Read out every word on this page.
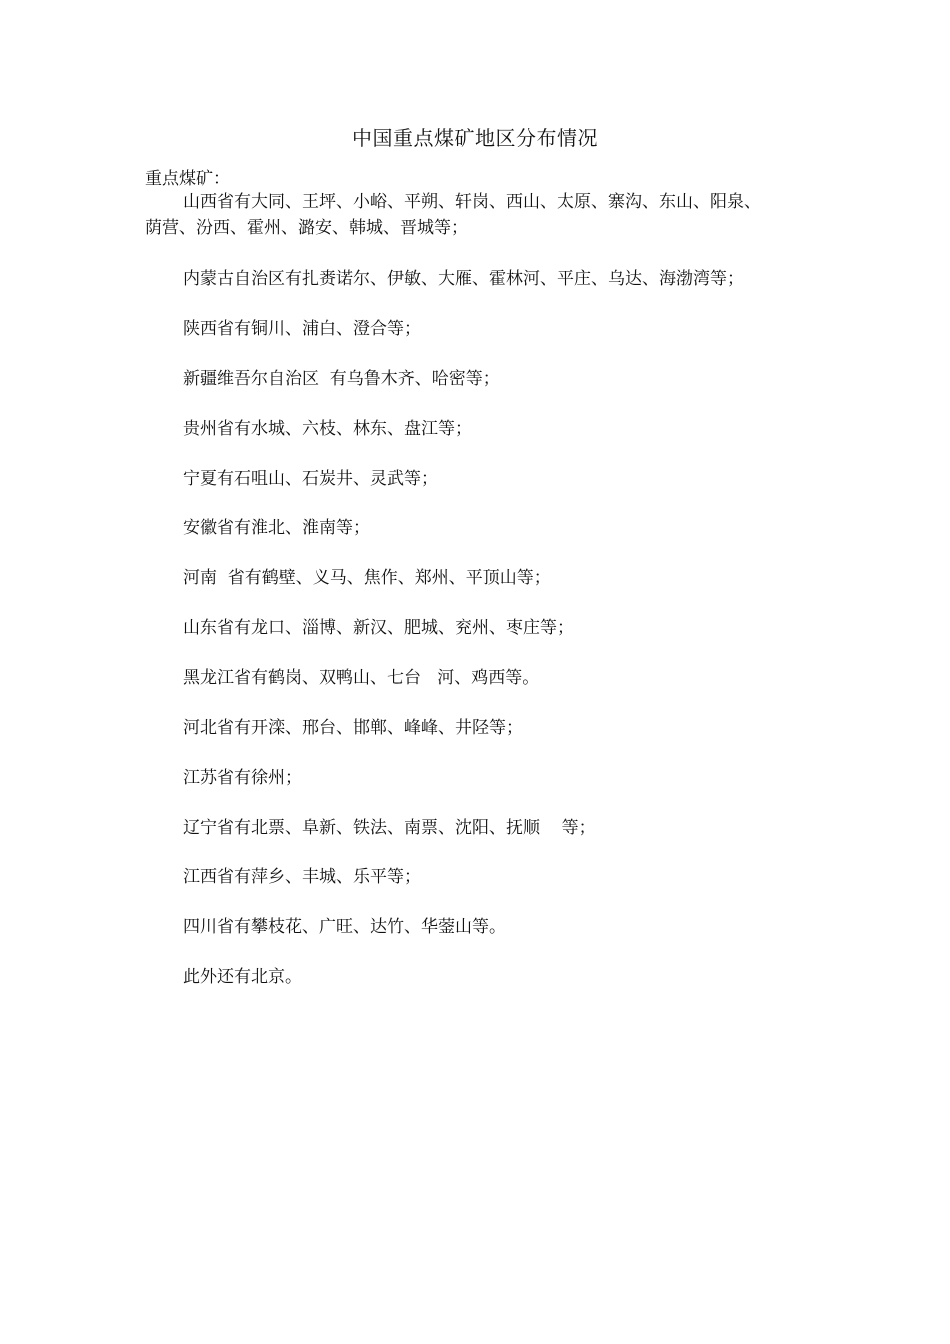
中国重点煤矿地区分布情况
重点煤矿：
山西省有大同、王坪、小峪、平朔、轩岗、西山、太原、寨沟、东山、阳泉、
荫营、汾西、霍州、潞安、韩城、晋城等；
内蒙古自治区有扎赉诺尔、伊敏、大雁、霍林河、平庄、乌达、海渤湾等；
陕西省有铜川、浦白、澄合等；
新疆维吾尔自治区  有乌鲁木齐、哈密等；
贵州省有水城、六枝、林东、盘江等；
宁夏有石咀山、石炭井、灵武等；
安徽省有淮北、淮南等；
河南  省有鹤壁、义马、焦作、郑州、平顶山等；
山东省有龙口、淄博、新汉、肥城、兖州、枣庄等；
黑龙江省有鹤岗、双鸭山、七台   河、鸡西等。
河北省有开滦、邢台、邯郸、峰峰、井陉等；
江苏省有徐州；
辽宁省有北票、阜新、铁法、南票、沈阳、抚顺    等；
江西省有萍乡、丰城、乐平等；
四川省有攀枝花、广旺、达竹、华蓥山等。
此外还有北京。
